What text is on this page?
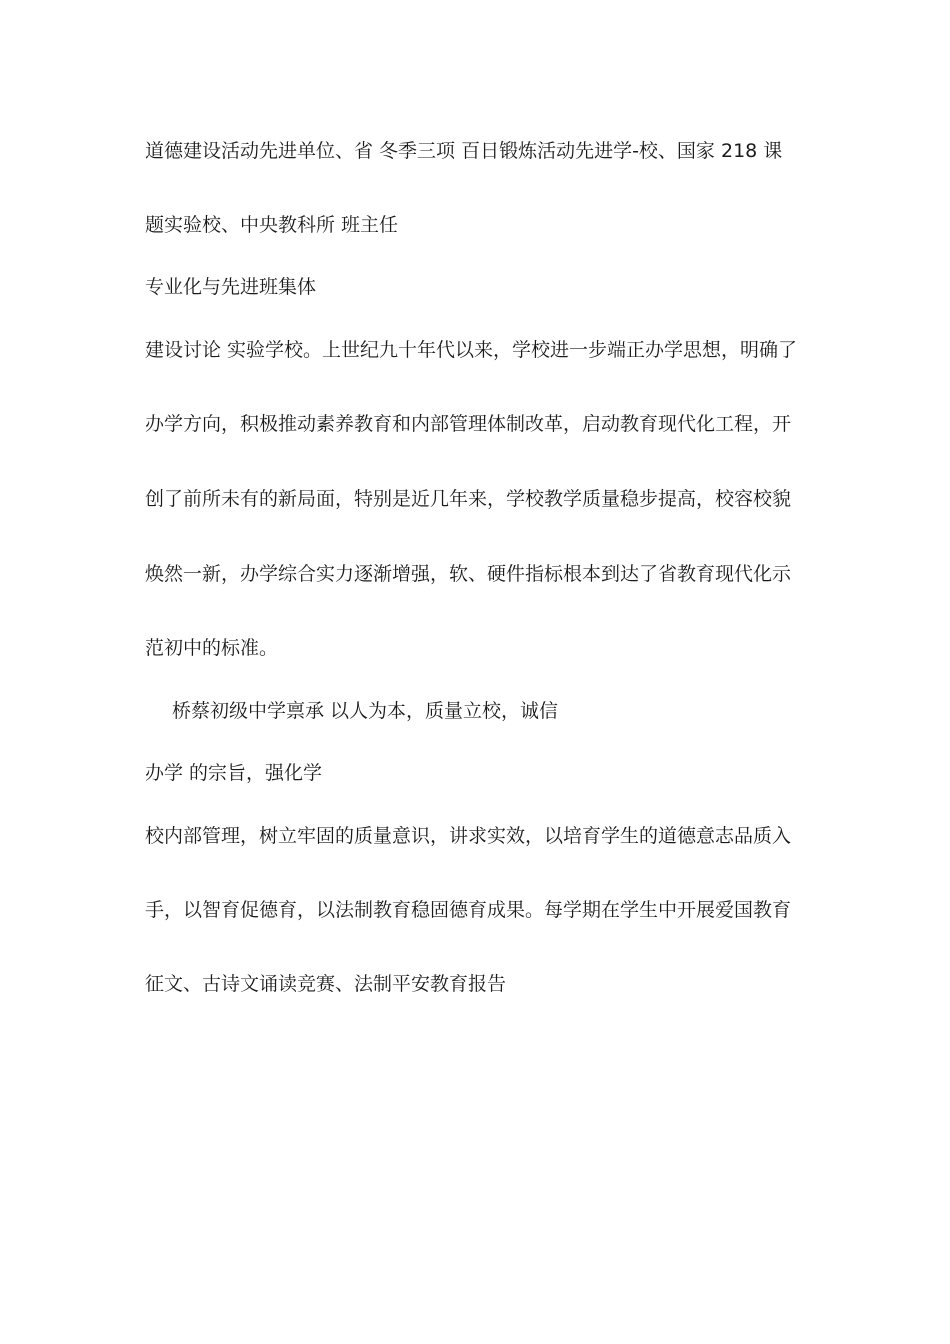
道德建设活动先进单位、省 冬季三项 百日锻炼活动先进学-校、国家 218 课
题实验校、中央教科所 班主任
专业化与先进班集体
建设讨论 实验学校。上世纪九十年代以来，学校进一步端正办学思想，明确了
办学方向，积极推动素养教育和内部管理体制改革，启动教育现代化工程，开
创了前所未有的新局面，特别是近几年来，学校教学质量稳步提高，校容校貌
焕然一新，办学综合实力逐渐增强，软、硬件指标根本到达了省教育现代化示
范初中的标准。
桥蔡初级中学禀承 以人为本，质量立校，诚信
办学 的宗旨，强化学
校内部管理，树立牢固的质量意识，讲求实效，以培育学生的道德意志品质入
手，以智育促德育，以法制教育稳固德育成果。每学期在学生中开展爱国教育
征文、古诗文诵读竞赛、法制平安教育报告
